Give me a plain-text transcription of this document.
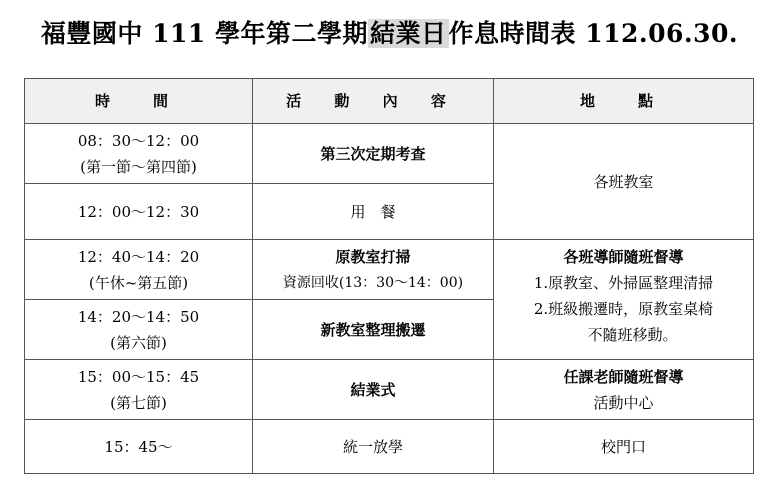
福豐國中 111 學年第二學期結業日作息時間表 112.06.30.
時　間	活 動 內 容	地　點

08：30～12：00
(第一節～第四節)	第三次定期考查	各班教室

12：00～12：30	用　餐	

12：40～14：20
(午休~第五節)	原教室打掃
資源回收(13：30～14：00)	各班導師隨班督導
1.原教室、外掃區整理清掃
2.班級搬遷時，原教室桌椅
不隨班移動。

14：20～14：50
(第六節)	新教室整理搬遷	

15：00～15：45
(第七節)	結業式	任課老師隨班督導
活動中心

15：45～	統一放學	校門口
